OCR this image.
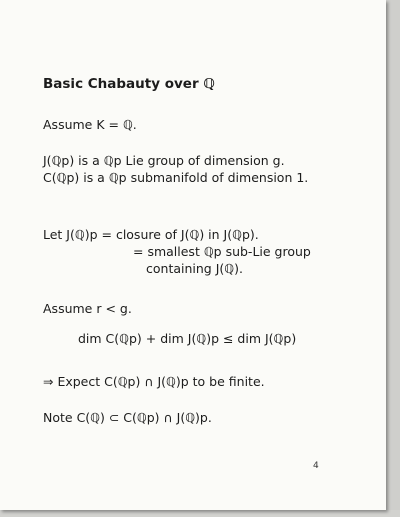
Basic Chabauty over ℚ
Assume K = ℚ.
J(ℚp) is a ℚp Lie group of dimension g.
C(ℚp) is a ℚp submanifold of dimension 1.
Let J(ℚ)p = closure of J(ℚ) in J(ℚp).
= smallest ℚp sub-Lie group
containing J(ℚ).
Assume r < g.
dim C(ℚp) + dim J(ℚ)p ≤ dim J(ℚp)
⇒ Expect C(ℚp) ∩ J(ℚ)p to be finite.
Note C(ℚ) ⊂ C(ℚp) ∩ J(ℚ)p.
4
